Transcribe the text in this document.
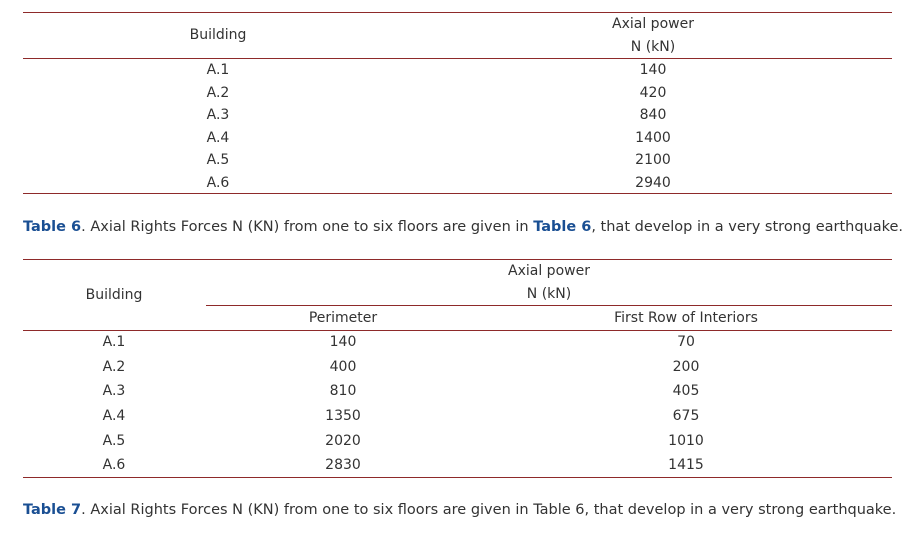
Building
Axial power
N (kN)
A.1	140
A.2	420
A.3	840
A.4	1400
A.5	2100
A.6	2940
Table 6. Axial Rights Forces N (KN) from one to six floors are given in Table 6, that develop in a very strong earthquake.
Building
Axial power
N (kN)
Perimeter	First Row of Interiors
A.1	140	70
A.2	400	200
A.3	810	405
A.4	1350	675
A.5	2020	1010
A.6	2830	1415
Table 7. Axial Rights Forces N (KN) from one to six floors are given in Table 6, that develop in a very strong earthquake.
